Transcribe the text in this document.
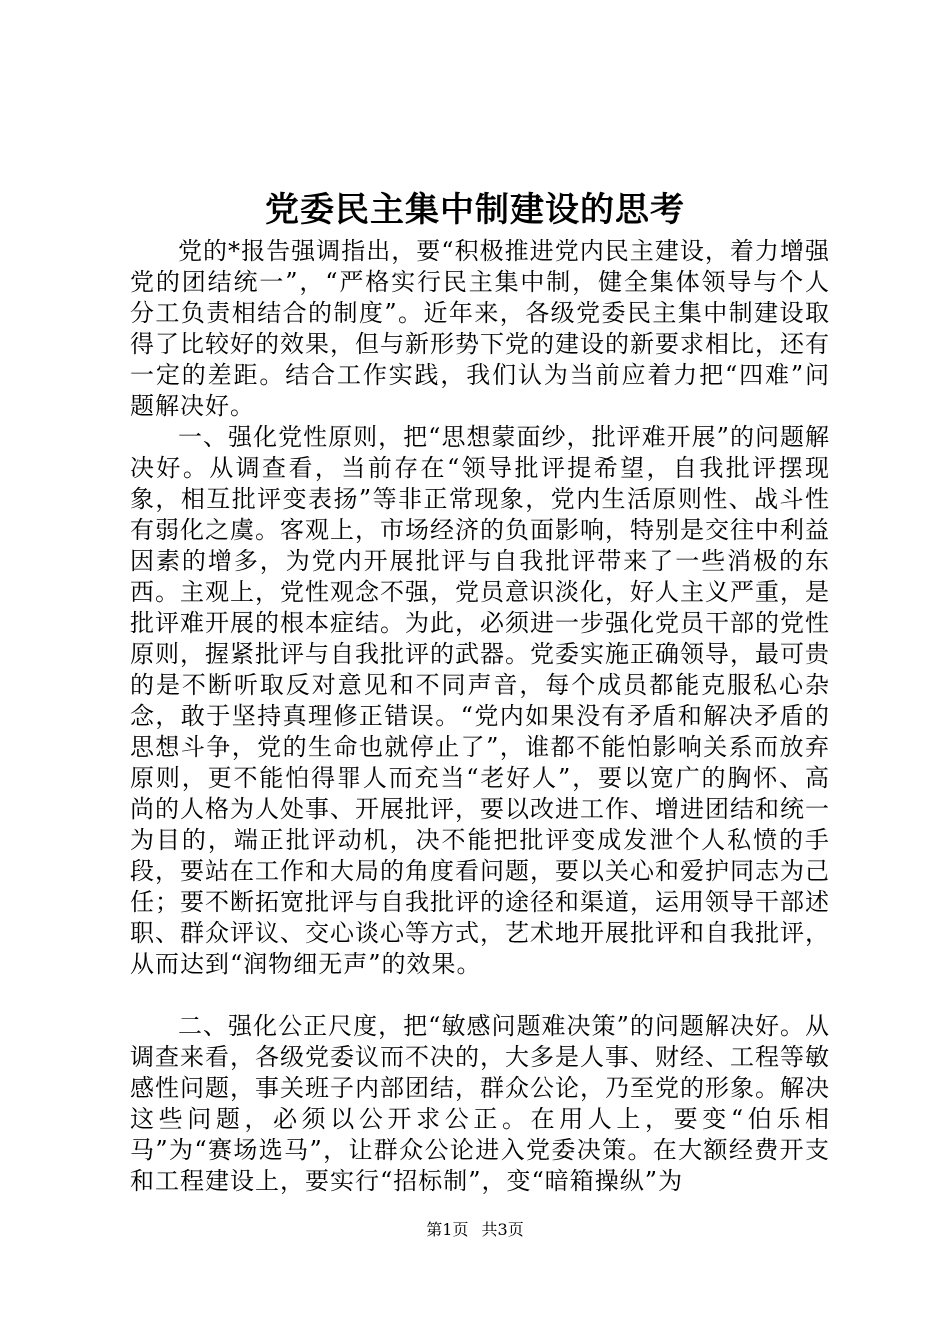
党委民主集中制建设的思考

党的*报告强调指出，要“积极推进党内民主建设，着力增强党的团结统一”，“严格实行民主集中制，健全集体领导与个人分工负责相结合的制度”。近年来，各级党委民主集中制建设取得了比较好的效果，但与新形势下党的建设的新要求相比，还有一定的差距。结合工作实践，我们认为当前应着力把“四难”问题解决好。

一、强化党性原则，把“思想蒙面纱，批评难开展”的问题解决好。从调查看，当前存在“领导批评提希望，自我批评摆现象，相互批评变表扬”等非正常现象，党内生活原则性、战斗性有弱化之虞。客观上，市场经济的负面影响，特别是交往中利益因素的增多，为党内开展批评与自我批评带来了一些消极的东西。主观上，党性观念不强，党员意识淡化，好人主义严重，是批评难开展的根本症结。为此，必须进一步强化党员干部的党性原则，握紧批评与自我批评的武器。党委实施正确领导，最可贵的是不断听取反对意见和不同声音，每个成员都能克服私心杂念，敢于坚持真理修正错误。“党内如果没有矛盾和解决矛盾的思想斗争，党的生命也就停止了”，谁都不能怕影响关系而放弃原则，更不能怕得罪人而充当“老好人”，要以宽广的胸怀、高尚的人格为人处事、开展批评，要以改进工作、增进团结和统一为目的，端正批评动机，决不能把批评变成发泄个人私愤的手段，要站在工作和大局的角度看问题，要以关心和爱护同志为己任；要不断拓宽批评与自我批评的途径和渠道，运用领导干部述职、群众评议、交心谈心等方式，艺术地开展批评和自我批评，从而达到“润物细无声”的效果。

二、强化公正尺度，把“敏感问题难决策”的问题解决好。从调查来看，各级党委议而不决的，大多是人事、财经、工程等敏感性问题，事关班子内部团结，群众公论，乃至党的形象。解决这些问题，必须以公开求公正。在用人上，要变“伯乐相马”为“赛场选马”，让群众公论进入党委决策。在大额经费开支和工程建设上，要实行“招标制”，变“暗箱操纵”为

第1页 共3页
